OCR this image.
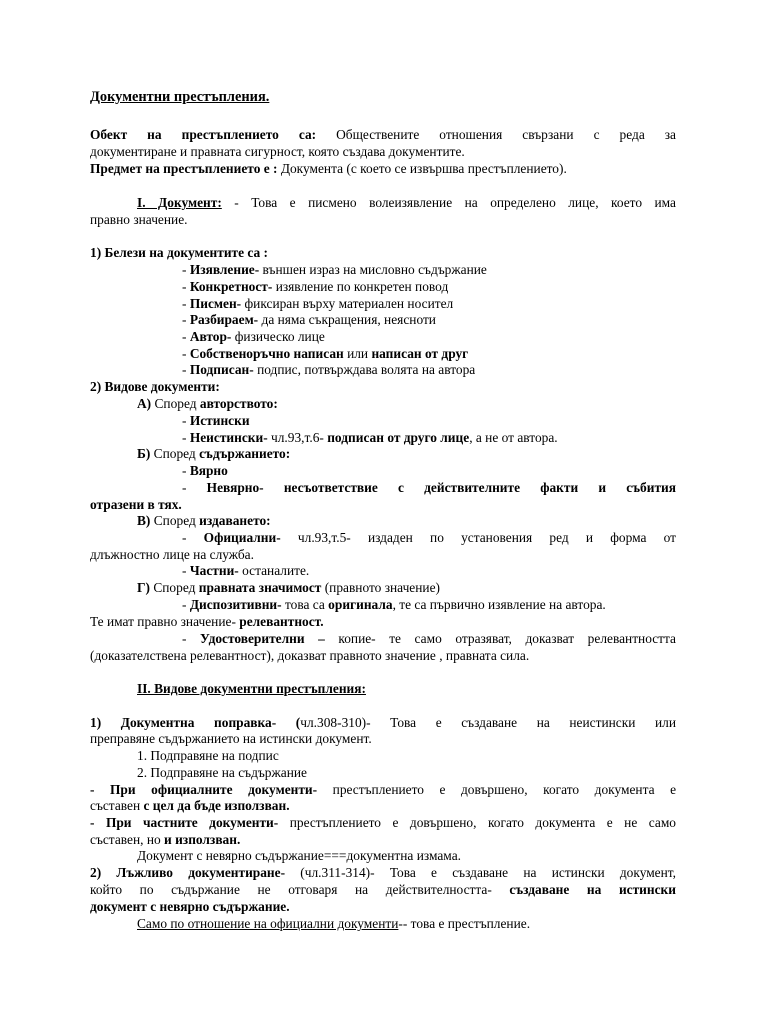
Документни престъпления.
Обект на престъплението са: Обществените отношения свързани с реда за
документиране и правната сигурност, която създава документите.
Предмет на престъплението е : Документа (с което се извършва престъплението).
I. Документ: - Това е писмено волеизявление на определено лице, което има
правно значение.
1) Белези на документите са :
- Изявление- външен израз на мисловно съдържание
- Конкретност- изявление по конкретен повод
- Писмен- фиксиран върху материален носител
- Разбираем- да няма съкращения, неясноти
- Автор- физическо лице
- Собственоръчно написан или написан от друг
- Подписан- подпис, потвърждава волята на автора
2) Видове документи:
А) Според авторството:
- Истински
- Неистински- чл.93,т.6- подписан от друго лице, а не от автора.
Б) Според съдържанието:
- Вярно
- Невярно- несъответствие с действителните факти и събития
отразени в тях.
В) Според издаването:
- Официални- чл.93,т.5- издаден по установения ред и форма от
длъжностно лице на служба.
- Частни- останалите.
Г) Според правната значимост (правното значение)
- Диспозитивни- това са оригинала, те са първично изявление на автора.
Те имат правно значение- релевантност.
- Удостоверителни – копие- те само отразяват, доказват релевантността
(доказателствена релевантност), доказват правното значение , правната сила.
II. Видове документни престъпления:
1) Документна поправка- (чл.308-310)- Това е създаване на неистински или
преправяне съдържанието на истински документ.
1. Подправяне на подпис
2. Подправяне на съдържание
- При официалните документи- престъплението е довършено, когато документа е
съставен с цел да бъде използван.
- При частните документи- престъплението е довършено, когато документа е не само
съставен, но и използван.
Документ с невярно съдържание===документна измама.
2) Лъжливо документиране- (чл.311-314)- Това е създаване на истински документ,
който по съдържание не отговаря на действителността- създаване на истински
документ с невярно съдържание.
Само по отношение на официални документи-- това е престъпление.
